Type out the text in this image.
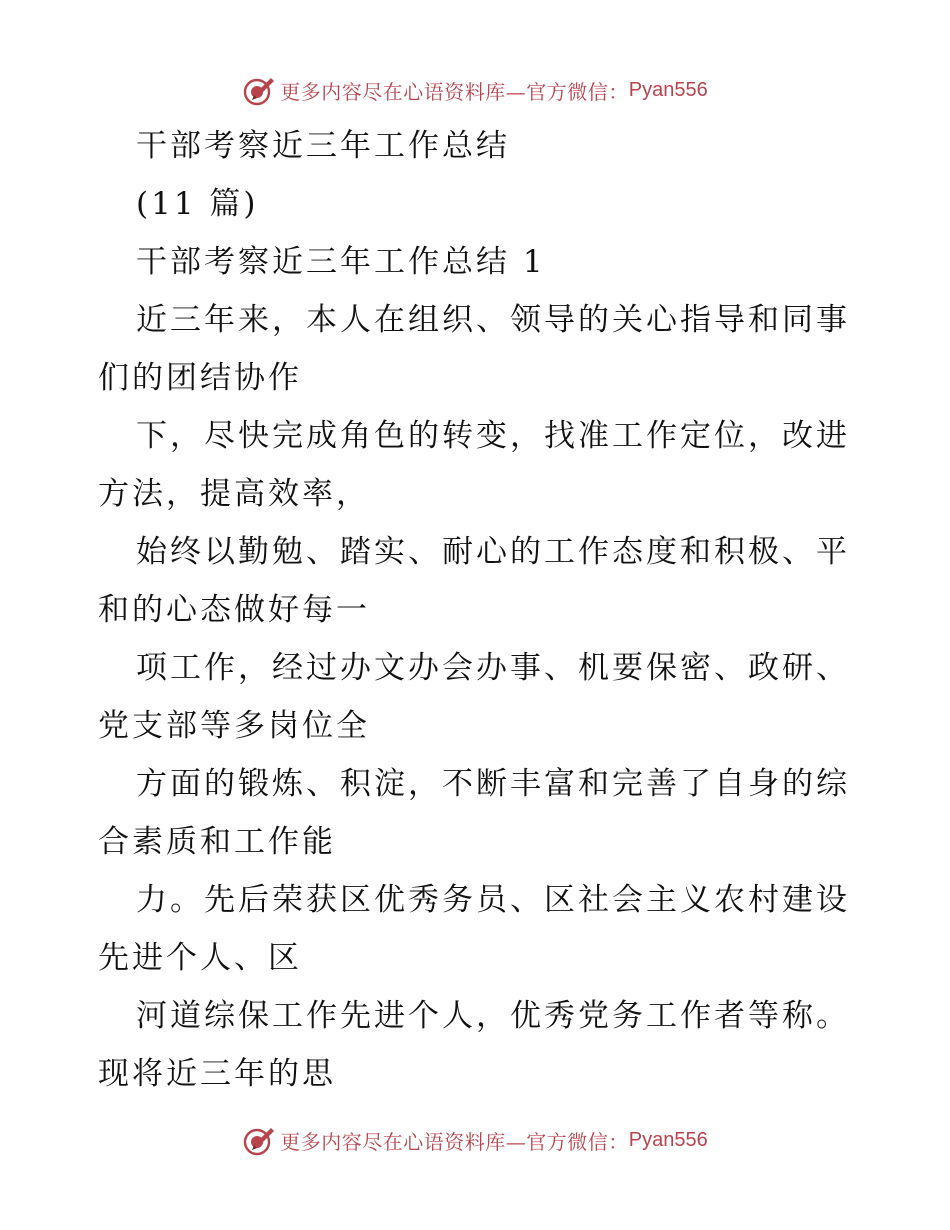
更多内容尽在心语资料库—官方微信： Pyan556
干部考察近三年工作总结
(11 篇)
干部考察近三年工作总结 1
近三年来，本人在组织、领导的关心指导和同事
们的团结协作
下，尽快完成角色的转变，找准工作定位，改进
方法，提高效率，
始终以勤勉、踏实、耐心的工作态度和积极、平
和的心态做好每一
项工作，经过办文办会办事、机要保密、政研、
党支部等多岗位全
方面的锻炼、积淀，不断丰富和完善了自身的综
合素质和工作能
力。先后荣获区优秀务员、区社会主义农村建设
先进个人、区
河道综保工作先进个人，优秀党务工作者等称。
现将近三年的思
更多内容尽在心语资料库—官方微信： Pyan556
